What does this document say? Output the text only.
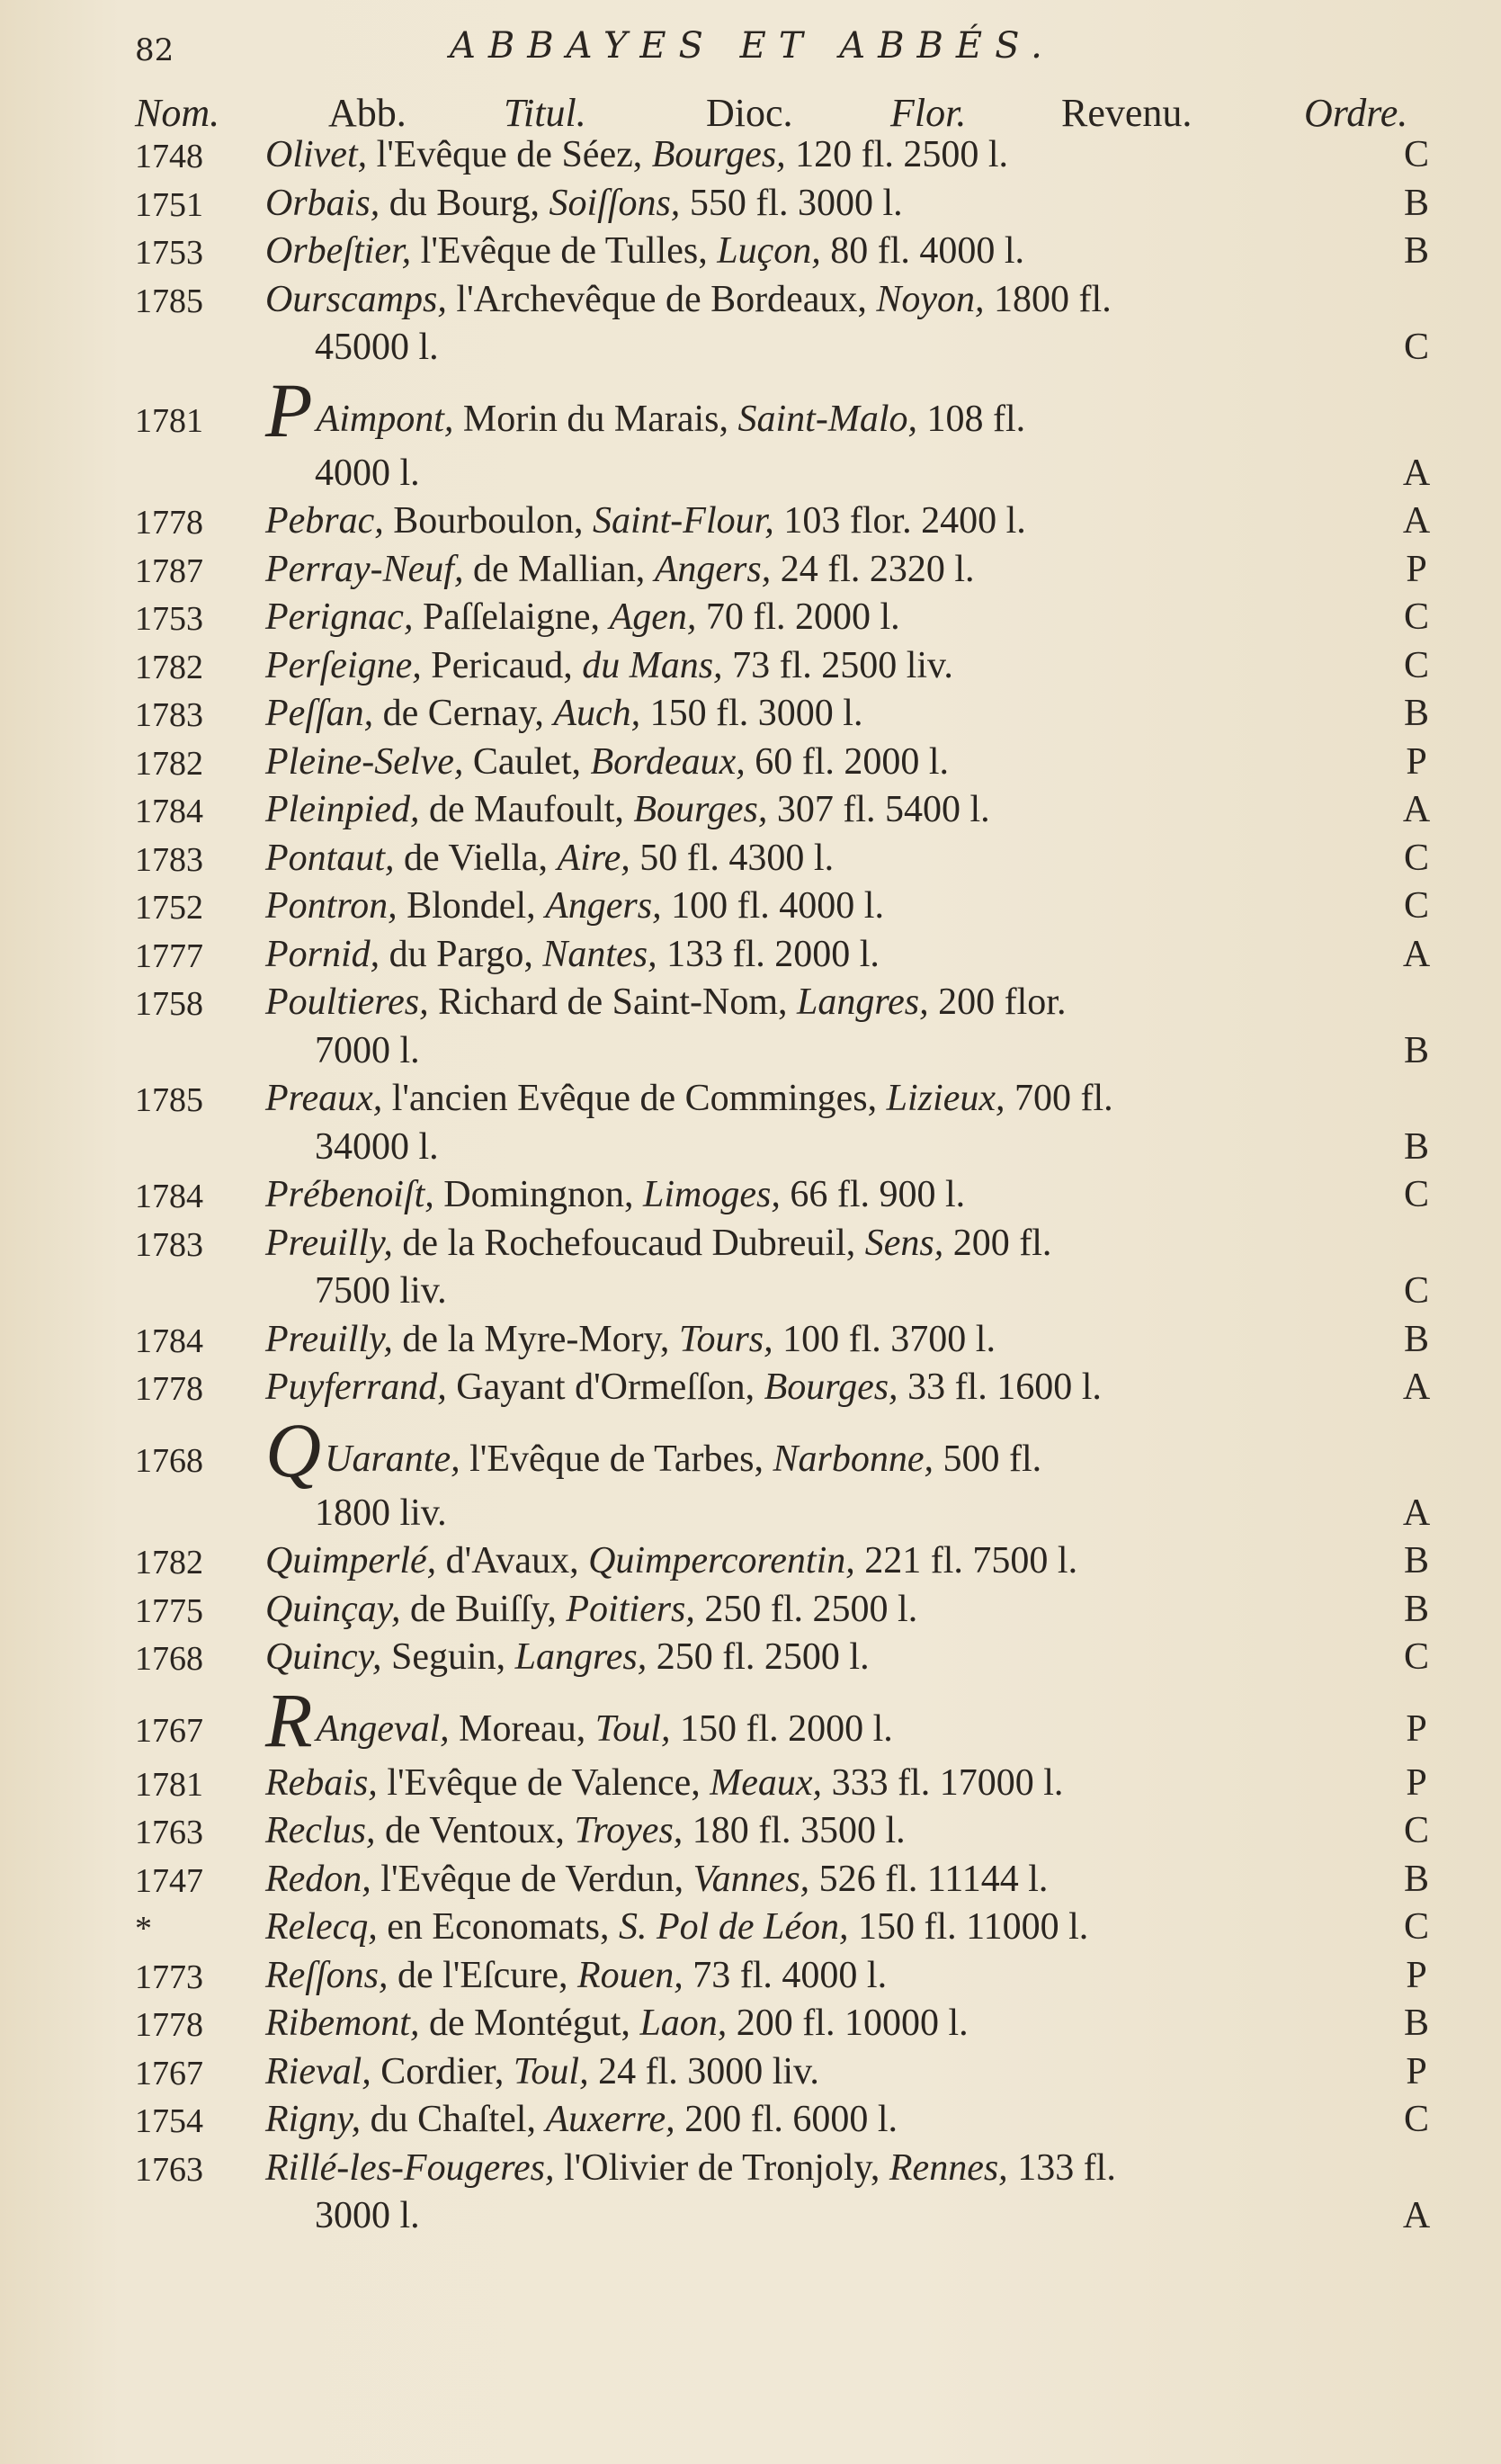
82	ABBAYES ET ABBÉS.
Nom.	Abb. Titul.	Dioc. Flor. Revenu.	Ordre.
1748	Olivet, l'Evêque de Séez, Bourges, 120 fl. 2500 l.	C
1751	Orbais, du Bourg, Soiſſons, 550 fl. 3000 l.	B
1753	Orbeſtier, l'Evêque de Tulles, Luçon, 80 fl. 4000 l.	B
1785	Ourscamps, l'Archevêque de Bordeaux, Noyon, 1800 fl.
45000 l.	C
1781 PAimpont, Morin du Marais, Saint-Malo, 108 fl.
4000 l.	A
1778	Pebrac, Bourboulon, Saint-Flour, 103 flor. 2400 l.	A
1787	Perray-Neuf, de Mallian, Angers, 24 fl. 2320 l.	P
1753	Perignac, Paſſelaigne, Agen, 70 fl. 2000 l.	C
1782	Perſeigne, Pericaud, du Mans, 73 fl. 2500 liv.	C
1783	Peſſan, de Cernay, Auch, 150 fl. 3000 l.	B
1782	Pleine-Selve, Caulet, Bordeaux, 60 fl. 2000 l.	P
1784	Pleinpied, de Maufoult, Bourges, 307 fl. 5400 l.	A
1783	Pontaut, de Viella, Aire, 50 fl. 4300 l.	C
1752	Pontron, Blondel, Angers, 100 fl. 4000 l.	C
1777	Pornid, du Pargo, Nantes, 133 fl. 2000 l.	A
1758	Poultieres, Richard de Saint-Nom, Langres, 200 flor.
7000 l.	B
1785	Preaux, l'ancien Evêque de Comminges, Lizieux, 700 fl.
34000 l.	B
1784	Prébenoiſt, Domingnon, Limoges, 66 fl. 900 l.	C
1783	Preuilly, de la Rochefoucaud Dubreuil, Sens, 200 fl.
7500 liv.	C
1784	Preuilly, de la Myre-Mory, Tours, 100 fl. 3700 l.	B
1778	Puyferrand, Gayant d'Ormeſſon, Bourges, 33 fl. 1600 l.	A
1768 QUarante, l'Evêque de Tarbes, Narbonne, 500 fl.
1800 liv.	A
1782	Quimperlé, d'Avaux, Quimpercorentin, 221 fl. 7500 l.	B
1775	Quinçay, de Buiſſy, Poitiers, 250 fl. 2500 l.	B
1768	Quincy, Seguin, Langres, 250 fl. 2500 l.	C
1767 RAngeval, Moreau, Toul, 150 fl. 2000 l.	P
1781	Rebais, l'Evêque de Valence, Meaux, 333 fl. 17000 l.	P
1763	Reclus, de Ventoux, Troyes, 180 fl. 3500 l.	C
1747	Redon, l'Evêque de Verdun, Vannes, 526 fl. 11144 l.	B
*	Relecq, en Economats, S. Pol de Léon, 150 fl. 11000 l.	C
1773	Reſſons, de l'Eſcure, Rouen, 73 fl. 4000 l.	P
1778	Ribemont, de Montégut, Laon, 200 fl. 10000 l.	B
1767	Rieval, Cordier, Toul, 24 fl. 3000 liv.	P
1754	Rigny, du Chaſtel, Auxerre, 200 fl. 6000 l.	C
1763	Rillé-les-Fougeres, l'Olivier de Tronjoly, Rennes, 133 fl.
3000 l.	A
